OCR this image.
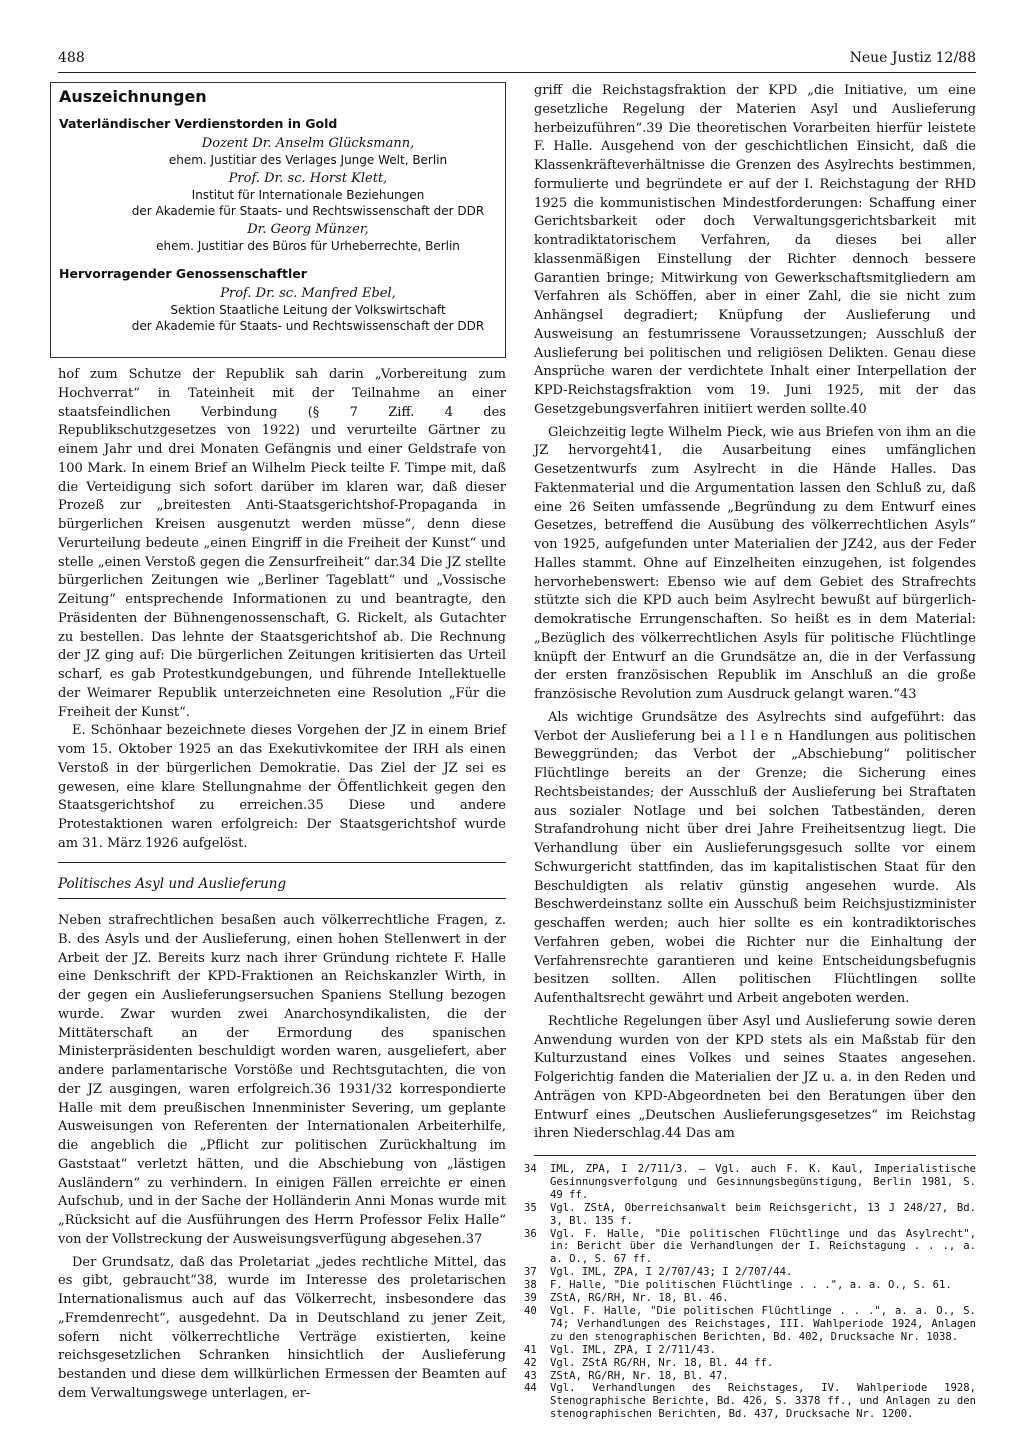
488	Neue Justiz 12/88
Auszeichnungen
Vaterländischer Verdienstorden in Gold
Dozent Dr. Anselm Glücksmann,
ehem. Justitiar des Verlages Junge Welt, Berlin
Prof. Dr. sc. Horst Klett,
Institut für Internationale Beziehungen
der Akademie für Staats- und Rechtswissenschaft der DDR
Dr. Georg Münzer,
ehem. Justitiar des Büros für Urheberrechte, Berlin
Hervorragender Genossenschaftler
Prof. Dr. sc. Manfred Ebel,
Sektion Staatliche Leitung der Volkswirtschaft
der Akademie für Staats- und Rechtswissenschaft der DDR

hof zum Schutze der Republik sah darin „Vorbereitung zum Hochverrat“ in Tateinheit mit der Teilnahme an einer staatsfeindlichen Verbindung (§ 7 Ziff. 4 des Republikschutzgesetzes von 1922) und verurteilte Gärtner zu einem Jahr und drei Monaten Gefängnis und einer Geldstrafe von 100 Mark. In einem Brief an Wilhelm Pieck teilte F. Timpe mit, daß die Verteidigung sich sofort darüber im klaren war, daß dieser Prozeß zur „breitesten Anti-Staatsgerichtshof-Propaganda in bürgerlichen Kreisen ausgenutzt werden müsse“, denn diese Verurteilung bedeute „einen Eingriff in die Freiheit der Kunst“ und stelle „einen Verstoß gegen die Zensurfreiheit“ dar.34 Die JZ stellte bürgerlichen Zeitungen wie „Berliner Tageblatt“ und „Vossische Zeitung“ entsprechende Informationen zu und beantragte, den Präsidenten der Bühnengenossenschaft, G. Rickelt, als Gutachter zu bestellen. Das lehnte der Staatsgerichtshof ab. Die Rechnung der JZ ging auf: Die bürgerlichen Zeitungen kritisierten das Urteil scharf, es gab Protestkundgebungen, und führende Intellektuelle der Weimarer Republik unterzeichneten eine Resolution „Für die Freiheit der Kunst“.

E. Schönhaar bezeichnete dieses Vorgehen der JZ in einem Brief vom 15. Oktober 1925 an das Exekutivkomitee der IRH als einen Verstoß in der bürgerlichen Demokratie. Das Ziel der JZ sei es gewesen, eine klare Stellungnahme der Öffentlichkeit gegen den Staatsgerichtshof zu erreichen.35 Diese und andere Protestaktionen waren erfolgreich: Der Staatsgerichtshof wurde am 31. März 1926 aufgelöst.

Politisches Asyl und Auslieferung

Neben strafrechtlichen besaßen auch völkerrechtliche Fragen, z. B. des Asyls und der Auslieferung, einen hohen Stellenwert in der Arbeit der JZ. Bereits kurz nach ihrer Gründung richtete F. Halle eine Denkschrift der KPD-Fraktionen an Reichskanzler Wirth, in der gegen ein Auslieferungsersuchen Spaniens Stellung bezogen wurde. Zwar wurden zwei Anarchosyndikalisten, die der Mittäterschaft an der Ermordung des spanischen Ministerpräsidenten beschuldigt worden waren, ausgeliefert, aber andere parlamentarische Vorstöße und Rechtsgutachten, die von der JZ ausgingen, waren erfolgreich.36 1931/32 korrespondierte Halle mit dem preußischen Innenminister Severing, um geplante Ausweisungen von Referenten der Internationalen Arbeiterhilfe, die angeblich die „Pflicht zur politischen Zurückhaltung im Gaststaat“ verletzt hätten, und die Abschiebung von „lästigen Ausländern“ zu verhindern. In einigen Fällen erreichte er einen Aufschub, und in der Sache der Holländerin Anni Monas wurde mit „Rücksicht auf die Ausführungen des Herrn Professor Felix Halle“ von der Vollstreckung der Ausweisungsverfügung abgesehen.37

Der Grundsatz, daß das Proletariat „jedes rechtliche Mittel, das es gibt, gebraucht“38, wurde im Interesse des proletarischen Internationalismus auch auf das Völkerrecht, insbesondere das „Fremdenrecht“, ausgedehnt. Da in Deutschland zu jener Zeit, sofern nicht völkerrechtliche Verträge existierten, keine reichsgesetzlichen Schranken hinsichtlich der Auslieferung bestanden und diese dem willkürlichen Ermessen der Beamten auf dem Verwaltungswege unterlagen, er-

griff die Reichstagsfraktion der KPD „die Initiative, um eine gesetzliche Regelung der Materien Asyl und Auslieferung herbeizuführen“.39 Die theoretischen Vorarbeiten hierfür leistete F. Halle. Ausgehend von der geschichtlichen Einsicht, daß die Klassenkräfteverhältnisse die Grenzen des Asylrechts bestimmen, formulierte und begründete er auf der I. Reichstagung der RHD 1925 die kommunistischen Mindestforderungen: Schaffung einer Gerichtsbarkeit oder doch Verwaltungsgerichtsbarkeit mit kontradiktatorischem Verfahren, da dieses bei aller klassenmäßigen Einstellung der Richter dennoch bessere Garantien bringe; Mitwirkung von Gewerkschaftsmitgliedern am Verfahren als Schöffen, aber in einer Zahl, die sie nicht zum Anhängsel degradiert; Knüpfung der Auslieferung und Ausweisung an festumrissene Voraussetzungen; Ausschluß der Auslieferung bei politischen und religiösen Delikten. Genau diese Ansprüche waren der verdichtete Inhalt einer Interpellation der KPD-Reichstagsfraktion vom 19. Juni 1925, mit der das Gesetzgebungsverfahren initiiert werden sollte.40

Gleichzeitig legte Wilhelm Pieck, wie aus Briefen von ihm an die JZ hervorgeht41, die Ausarbeitung eines umfänglichen Gesetzentwurfs zum Asylrecht in die Hände Halles. Das Faktenmaterial und die Argumentation lassen den Schluß zu, daß eine 26 Seiten umfassende „Begründung zu dem Entwurf eines Gesetzes, betreffend die Ausübung des völkerrechtlichen Asyls“ von 1925, aufgefunden unter Materialien der JZ42, aus der Feder Halles stammt. Ohne auf Einzelheiten einzugehen, ist folgendes hervorhebenswert: Ebenso wie auf dem Gebiet des Strafrechts stützte sich die KPD auch beim Asylrecht bewußt auf bürgerlich-demokratische Errungenschaften. So heißt es in dem Material: „Bezüglich des völkerrechtlichen Asyls für politische Flüchtlinge knüpft der Entwurf an die Grundsätze an, die in der Verfassung der ersten französischen Republik im Anschluß an die große französische Revolution zum Ausdruck gelangt waren.“43

Als wichtige Grundsätze des Asylrechts sind aufgeführt: das Verbot der Auslieferung bei a l l e n Handlungen aus politischen Beweggründen; das Verbot der „Abschiebung“ politischer Flüchtlinge bereits an der Grenze; die Sicherung eines Rechtsbeistandes; der Ausschluß der Auslieferung bei Straftaten aus sozialer Notlage und bei solchen Tatbeständen, deren Strafandrohung nicht über drei Jahre Freiheitsentzug liegt. Die Verhandlung über ein Auslieferungsgesuch sollte vor einem Schwurgericht stattfinden, das im kapitalistischen Staat für den Beschuldigten als relativ günstig angesehen wurde. Als Beschwerdeinstanz sollte ein Ausschuß beim Reichsjustizminister geschaffen werden; auch hier sollte es ein kontradiktorisches Verfahren geben, wobei die Richter nur die Einhaltung der Verfahrensrechte garantieren und keine Entscheidungsbefugnis besitzen sollten. Allen politischen Flüchtlingen sollte Aufenthaltsrecht gewährt und Arbeit angeboten werden.

Rechtliche Regelungen über Asyl und Auslieferung sowie deren Anwendung wurden von der KPD stets als ein Maßstab für den Kulturzustand eines Volkes und seines Staates angesehen. Folgerichtig fanden die Materialien der JZ u. a. in den Reden und Anträgen von KPD-Abgeordneten bei den Beratungen über den Entwurf eines „Deutschen Auslieferungsgesetzes“ im Reichstag ihren Niederschlag.44 Das am

34	IML, ZPA, I 2/711/3. – Vgl. auch F. K. Kaul, Imperialistische Gesinnungsverfolgung und Gesinnungsbegünstigung, Berlin 1981, S. 49 ff.
35	Vgl. ZStA, Oberreichsanwalt beim Reichsgericht, 13 J 248/27, Bd. 3, Bl. 135 f.
36	Vgl. F. Halle, "Die politischen Flüchtlinge und das Asylrecht", in: Bericht über die Verhandlungen der I. Reichstagung . . ., a. a. O., S. 67 ff.
37	Vgl. IML, ZPA, I 2/707/43; I 2/707/44.
38	F. Halle, "Die politischen Flüchtlinge . . .", a. a. O., S. 61.
39	ZStA, RG/RH, Nr. 18, Bl. 46.
40	Vgl. F. Halle, "Die politischen Flüchtlinge . . .", a. a. O., S. 74; Verhandlungen des Reichstages, III. Wahlperiode 1924, Anlagen zu den stenographischen Berichten, Bd. 402, Drucksache Nr. 1038.
41	Vgl. IML, ZPA, I 2/711/43.
42	Vgl. ZStA RG/RH, Nr. 18, Bl. 44 ff.
43	ZStA, RG/RH, Nr. 18, Bl. 47.
44	Vgl. Verhandlungen des Reichstages, IV. Wahlperiode 1928, Stenographische Berichte, Bd. 426, S. 3378 ff., und Anlagen zu den stenographischen Berichten, Bd. 437, Drucksache Nr. 1200.
